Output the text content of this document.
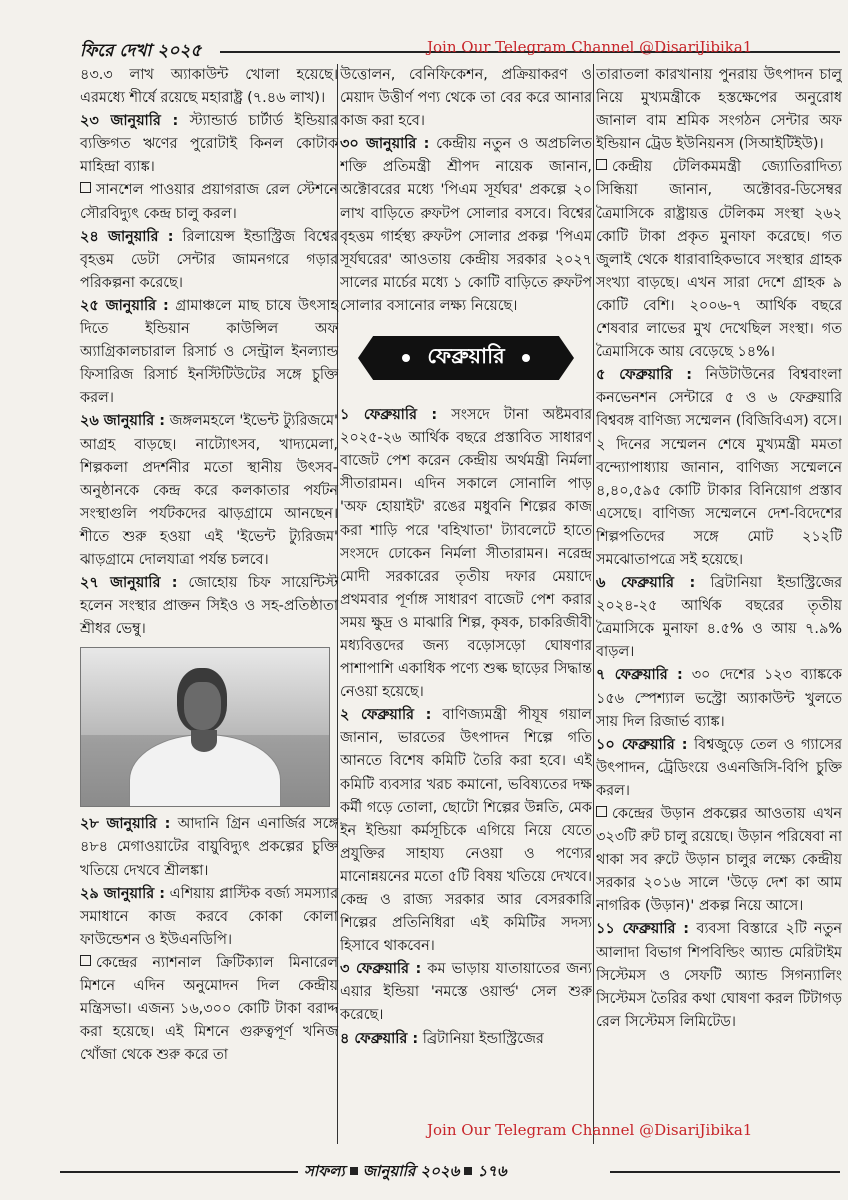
ফিরে দেখা ২০২৫	Join Our Telegram Channel @DisariJibika1

৪৩.৩ লাখ অ্যাকাউন্ট খোলা হয়েছে। এরমধ্যে শীর্ষে রয়েছে মহারাষ্ট্র (৭.৪৬ লাখ)।

২৩ জানুয়ারি : স্ট্যান্ডার্ড চার্টার্ড ইন্ডিয়ার ব্যক্তিগত ঋণের পুরোটাই কিনল কোটাক মাহিন্দ্রা ব্যাঙ্ক।

সানশেল পাওয়ার প্রয়াগরাজ রেল স্টেশনে সৌরবিদ্যুৎ কেন্দ্র চালু করল।

২৪ জানুয়ারি : রিলায়েন্স ইন্ডাস্ট্রিজ বিশ্বের বৃহত্তম ডেটা সেন্টার জামনগরে গড়ার পরিকল্পনা করেছে।

২৫ জানুয়ারি : গ্রামাঞ্চলে মাছ চাষে উৎসাহ দিতে ইন্ডিয়ান কাউন্সিল অফ অ্যাগ্রিকালচারাল রিসার্চ ও সেন্ট্রাল ইনল্যান্ড ফিসারিজ রিসার্চ ইনস্টিটিউটের সঙ্গে চুক্তি করল।

২৬ জানুয়ারি : জঙ্গলমহলে 'ইভেন্ট ট্যুরিজমে' আগ্রহ বাড়ছে। নাট্যোৎসব, খাদ্যমেলা, শিল্পকলা প্রদর্শনীর মতো স্থানীয় উৎসব-অনুষ্ঠানকে কেন্দ্র করে কলকাতার পর্যটন সংস্থাগুলি পর্যটকদের ঝাড়গ্রামে আনছেন। শীতে শুরু হওয়া এই 'ইভেন্ট ট্যুরিজম' ঝাড়গ্রামে দোলযাত্রা পর্যন্ত চলবে।

২৭ জানুয়ারি : জোহোয় চিফ সায়েন্টিস্ট হলেন সংস্থার প্রাক্তন সিইও ও সহ-প্রতিষ্ঠাতা শ্রীধর ভেম্বু।

২৮ জানুয়ারি : আদানি গ্রিন এনার্জির সঙ্গে ৪৮৪ মেগাওয়াটের বায়ুবিদ্যুৎ প্রকল্পের চুক্তি খতিয়ে দেখবে শ্রীলঙ্কা।

২৯ জানুয়ারি : এশিয়ায় প্লাস্টিক বর্জ্য সমস্যার সমাধানে কাজ করবে কোকা কোলা ফাউন্ডেশন ও ইউএনডিপি।

কেন্দ্রের ন্যাশনাল ক্রিটিক্যাল মিনারেল মিশনে এদিন অনুমোদন দিল কেন্দ্রীয় মন্ত্রিসভা। এজন্য ১৬,৩০০ কোটি টাকা বরাদ্দ করা হয়েছে। এই মিশনে গুরুত্বপূর্ণ খনিজ খোঁজা থেকে শুরু করে তা

উত্তোলন, বেনিফিকেশন, প্রক্রিয়াকরণ ও মেয়াদ উত্তীর্ণ পণ্য থেকে তা বের করে আনার কাজ করা হবে।

৩০ জানুয়ারি : কেন্দ্রীয় নতুন ও অপ্রচলিত শক্তি প্রতিমন্ত্রী শ্রীপদ নায়েক জানান, অক্টোবরের মধ্যে 'পিএম সূর্যঘর' প্রকল্পে ২০ লাখ বাড়িতে রুফটপ সোলার বসবে। বিশ্বের বৃহত্তম গার্হস্থ্য রুফটপ সোলার প্রকল্প 'পিএম সূর্যঘরের' আওতায় কেন্দ্রীয় সরকার ২০২৭ সালের মার্চের মধ্যে ১ কোটি বাড়িতে রুফটপ সোলার বসানোর লক্ষ্য নিয়েছে।

ফেব্রুয়ারি

১ ফেব্রুয়ারি : সংসদে টানা অষ্টমবার ২০২৫-২৬ আর্থিক বছরে প্রস্তাবিত সাধারণ বাজেট পেশ করেন কেন্দ্রীয় অর্থমন্ত্রী নির্মলা সীতারামন। এদিন সকালে সোনালি পাড় 'অফ হোয়াইট' রঙের মধুবনি শিল্পের কাজ করা শাড়ি পরে 'বহিখাতা' ট্যাবলেটে হাতে সংসদে ঢোকেন নির্মলা সীতারামন। নরেন্দ্র মোদী সরকারের তৃতীয় দফার মেয়াদে প্রথমবার পূর্ণাঙ্গ সাধারণ বাজেট পেশ করার সময় ক্ষুদ্র ও মাঝারি শিল্প, কৃষক, চাকরিজীবী মধ্যবিত্তদের জন্য বড়োসড়ো ঘোষণার পাশাপাশি একাধিক পণ্যে শুল্ক ছাড়ের সিদ্ধান্ত নেওয়া হয়েছে।

২ ফেব্রুয়ারি : বাণিজ্যমন্ত্রী পীযূষ গয়াল জানান, ভারতের উৎপাদন শিল্পে গতি আনতে বিশেষ কমিটি তৈরি করা হবে। এই কমিটি ব্যবসার খরচ কমানো, ভবিষ্যতের দক্ষ কর্মী গড়ে তোলা, ছোটো শিল্পের উন্নতি, মেক ইন ইন্ডিয়া কর্মসূচিকে এগিয়ে নিয়ে যেতে প্রযুক্তির সাহায্য নেওয়া ও পণ্যের মানোন্নয়নের মতো ৫টি বিষয় খতিয়ে দেখবে। কেন্দ্র ও রাজ্য সরকার আর বেসরকারি শিল্পের প্রতিনিধিরা এই কমিটির সদস্য হিসাবে থাকবেন।

৩ ফেব্রুয়ারি : কম ভাড়ায় যাতায়াতের জন্য এয়ার ইন্ডিয়া 'নমস্তে ওয়ার্ল্ড' সেল শুরু করেছে।

৪ ফেব্রুয়ারি : ব্রিটানিয়া ইন্ডাস্ট্রিজের

তারাতলা কারখানায় পুনরায় উৎপাদন চালু নিয়ে মুখ্যমন্ত্রীকে হস্তক্ষেপের অনুরোধ জানাল বাম শ্রমিক সংগঠন সেন্টার অফ ইন্ডিয়ান ট্রেড ইউনিয়নস (সিআইটিইউ)।

কেন্দ্রীয় টেলিকমমন্ত্রী জ্যোতিরাদিত্য সিন্ধিয়া জানান, অক্টোবর-ডিসেম্বর ত্রৈমাসিকে রাষ্ট্রায়ত্ত টেলিকম সংস্থা ২৬২ কোটি টাকা প্রকৃত মুনাফা করেছে। গত জুলাই থেকে ধারাবাহিকভাবে সংস্থার গ্রাহক সংখ্যা বাড়ছে। এখন সারা দেশে গ্রাহক ৯ কোটি বেশি। ২০০৬-৭ আর্থিক বছরে শেষবার লাভের মুখ দেখেছিল সংস্থা। গত ত্রৈমাসিকে আয় বেড়েছে ১৪%।

৫ ফেব্রুয়ারি : নিউটাউনের বিশ্ববাংলা কনভেনশন সেন্টারে ৫ ও ৬ ফেব্রুয়ারি বিশ্ববঙ্গ বাণিজ্য সম্মেলন (বিজিবিএস) বসে। ২ দিনের সম্মেলন শেষে মুখ্যমন্ত্রী মমতা বন্দ্যোপাধ্যায় জানান, বাণিজ্য সম্মেলনে ৪,৪০,৫৯৫ কোটি টাকার বিনিয়োগ প্রস্তাব এসেছে। বাণিজ্য সম্মেলনে দেশ-বিদেশের শিল্পপতিদের সঙ্গে মোট ২১২টি সমঝোতাপত্রে সই হয়েছে।

৬ ফেব্রুয়ারি : ব্রিটানিয়া ইন্ডাস্ট্রিজের ২০২৪-২৫ আর্থিক বছরের তৃতীয় ত্রৈমাসিকে মুনাফা ৪.৫% ও আয় ৭.৯% বাড়ল।

৭ ফেব্রুয়ারি : ৩০ দেশের ১২৩ ব্যাঙ্ককে ১৫৬ স্পেশ্যাল ভস্ট্রো অ্যাকাউন্ট খুলতে সায় দিল রিজার্ভ ব্যাঙ্ক।

১০ ফেব্রুয়ারি : বিশ্বজুড়ে তেল ও গ্যাসের উৎপাদন, ট্রেডিংয়ে ওএনজিসি-বিপি চুক্তি করল।

কেন্দ্রের উড়ান প্রকল্পের আওতায় এখন ৩২৩টি রুট চালু রয়েছে। উড়ান পরিষেবা না থাকা সব রুটে উড়ান চালুর লক্ষ্যে কেন্দ্রীয় সরকার ২০১৬ সালে 'উড়ে দেশ কা আম নাগরিক (উড়ান)' প্রকল্প নিয়ে আসে।

১১ ফেব্রুয়ারি : ব্যবসা বিস্তারে ২টি নতুন আলাদা বিভাগ শিপবিল্ডিং অ্যান্ড মেরিটাইম সিস্টেমস ও সেফটি অ্যান্ড সিগন্যালিং সিস্টেমস তৈরির কথা ঘোষণা করল টিটাগড় রেল সিস্টেমস লিমিটেড।

Join Our Telegram Channel @DisariJibika1
সাফল্য জানুয়ারি ২০২৬ ১৭৬
